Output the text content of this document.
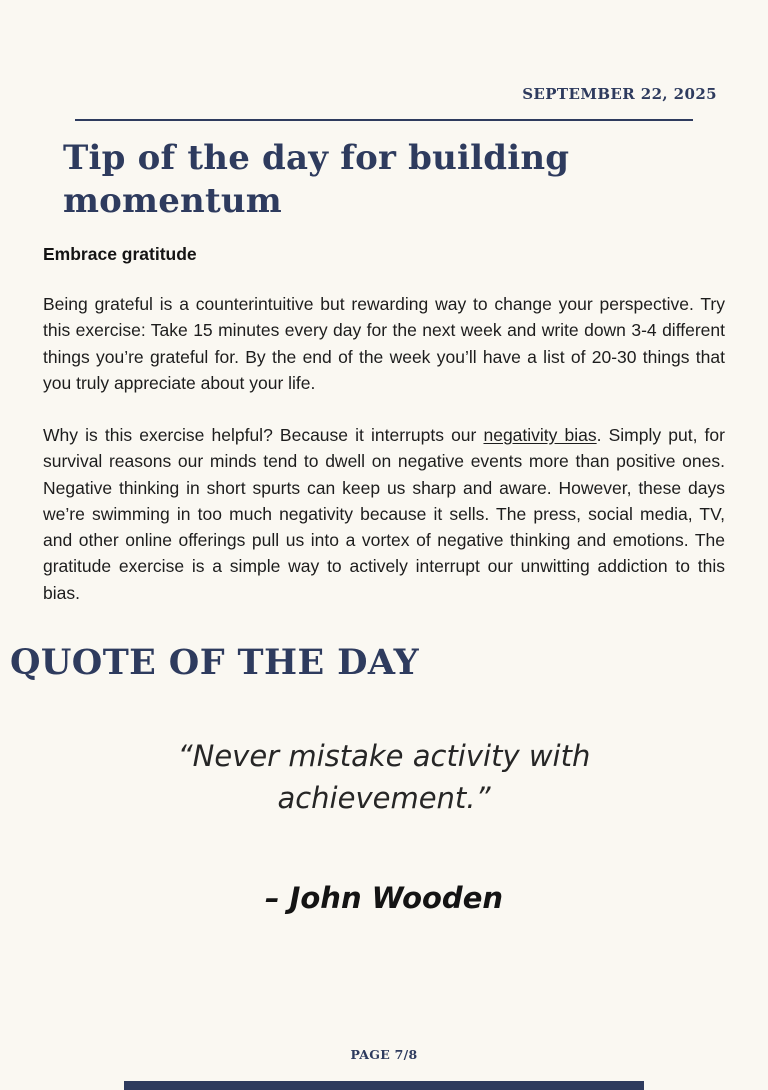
SEPTEMBER 22, 2025
Tip of the day for building momentum
Embrace gratitude

Being grateful is a counterintuitive but rewarding way to change your perspective. Try this exercise: Take 15 minutes every day for the next week and write down 3-4 different things you’re grateful for. By the end of the week you’ll have a list of 20-30 things that you truly appreciate about your life.

Why is this exercise helpful? Because it interrupts our negativity bias. Simply put, for survival reasons our minds tend to dwell on negative events more than positive ones. Negative thinking in short spurts can keep us sharp and aware. However, these days we’re swimming in too much negativity because it sells. The press, social media, TV, and other online offerings pull us into a vortex of negative thinking and emotions. The gratitude exercise is a simple way to actively interrupt our unwitting addiction to this bias.

QUOTE OF THE DAY
“Never mistake activity with achievement.”
– John Wooden
PAGE 7/8
